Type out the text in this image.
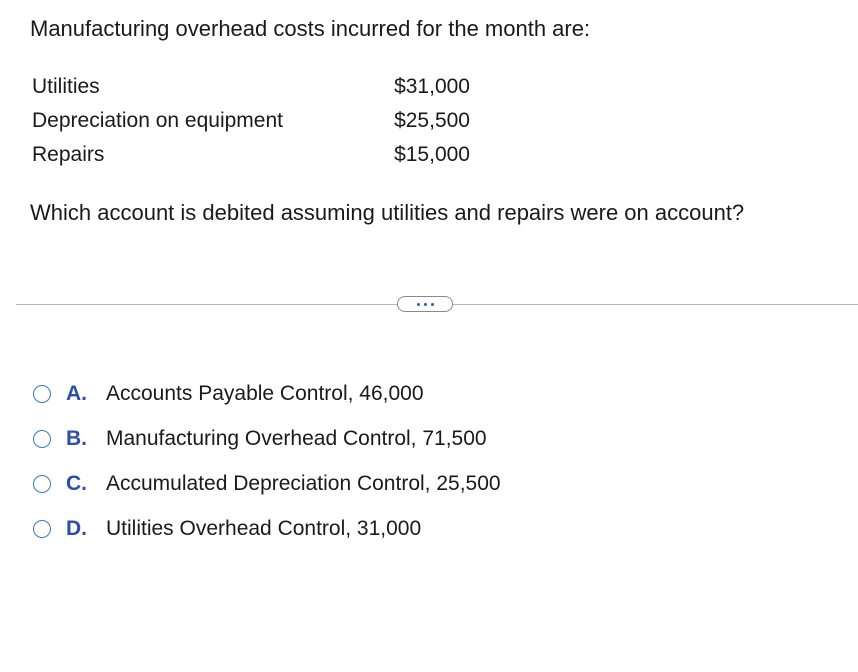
Manufacturing overhead costs incurred for the month are:
Utilities	$31,000
Depreciation on equipment	$25,500
Repairs	$15,000
Which account is debited assuming utilities and repairs were on account?
A. Accounts Payable Control, 46,000
B. Manufacturing Overhead Control, 71,500
C. Accumulated Depreciation Control, 25,500
D. Utilities Overhead Control, 31,000
